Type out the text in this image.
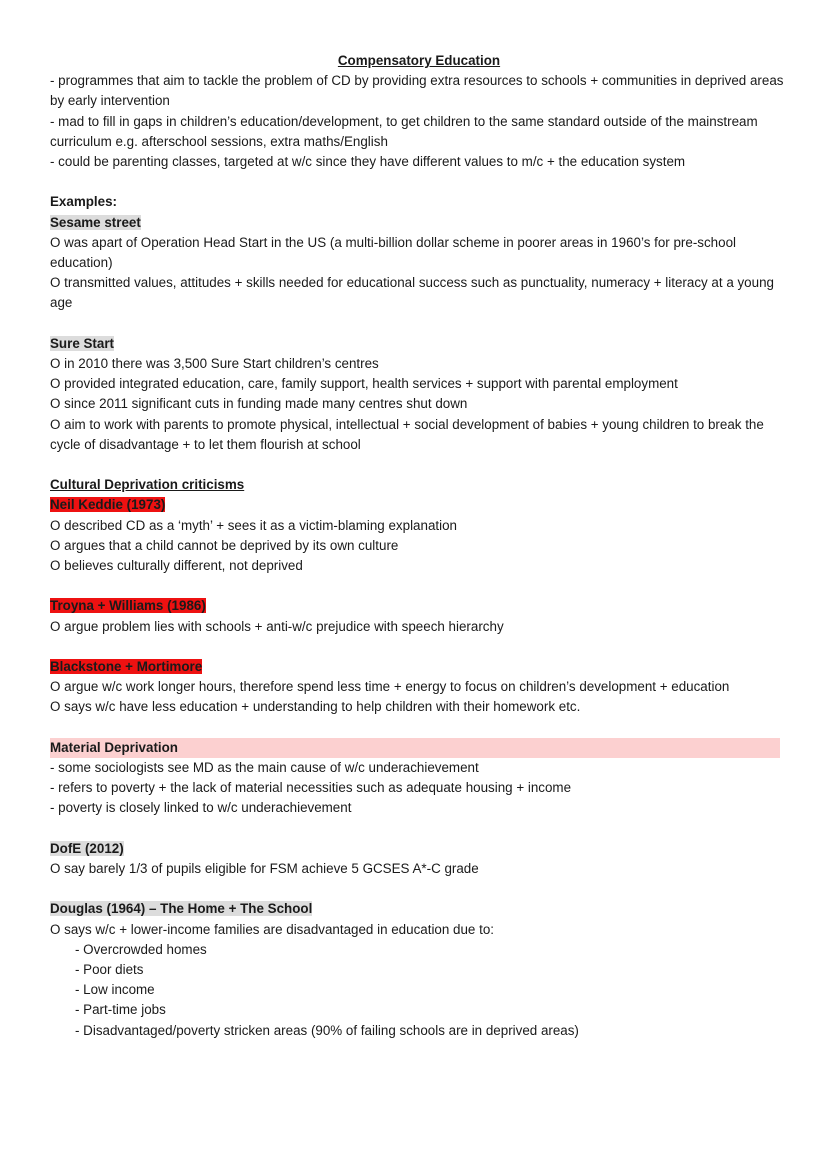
Compensatory Education

- programmes that aim to tackle the problem of CD by providing extra resources to schools + communities in deprived areas by early intervention

- mad to fill in gaps in children’s education/development, to get children to the same standard outside of the mainstream curriculum e.g. afterschool sessions, extra maths/English

- could be parenting classes, targeted at w/c since they have different values to m/c + the education system

Examples:

Sesame street

O was apart of Operation Head Start in the US (a multi-billion dollar scheme in poorer areas in 1960’s for pre-school education)

O transmitted values, attitudes + skills needed for educational success such as punctuality, numeracy + literacy at a young age

Sure Start

O in 2010 there was 3,500 Sure Start children’s centres

O provided integrated education, care, family support, health services + support with parental employment

O since 2011 significant cuts in funding made many centres shut down

O aim to work with parents to promote physical, intellectual + social development of babies + young children to break the cycle of disadvantage + to let them flourish at school

Cultural Deprivation criticisms

Neil Keddie (1973)

O described CD as a ‘myth’ + sees it as a victim-blaming explanation

O argues that a child cannot be deprived by its own culture

O believes culturally different, not deprived

Troyna + Williams (1986)

O argue problem lies with schools + anti-w/c prejudice with speech hierarchy

Blackstone + Mortimore

O argue w/c work longer hours, therefore spend less time + energy to focus on children’s development + education

O says w/c have less education + understanding to help children with their homework etc.

Material Deprivation

- some sociologists see MD as the main cause of w/c underachievement

- refers to poverty + the lack of material necessities such as adequate housing + income

- poverty is closely linked to w/c underachievement

DofE (2012)

O say barely 1/3 of pupils eligible for FSM achieve 5 GCSES A*-C grade

Douglas (1964) – The Home + The School

O says w/c + lower-income families are disadvantaged in education due to:

- Overcrowded homes
- Poor diets
- Low income
- Part-time jobs
- Disadvantaged/poverty stricken areas (90% of failing schools are in deprived areas)
